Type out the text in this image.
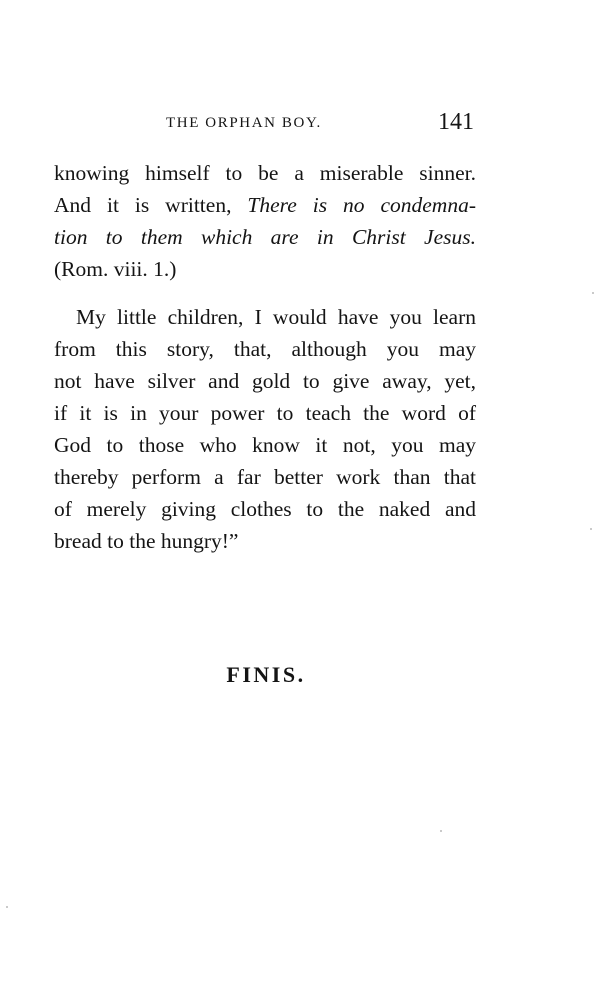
THE ORPHAN BOY.	141
knowing himself to be a miserable sinner.
And it is written, There is no condemna-
tion to them which are in Christ Jesus.
(Rom. viii. 1.)
My little children, I would have you learn
from this story, that, although you may
not have silver and gold to give away, yet,
if it is in your power to teach the word of
God to those who know it not, you may
thereby perform a far better work than that
of merely giving clothes to the naked and
bread to the hungry!”
FINIS.
